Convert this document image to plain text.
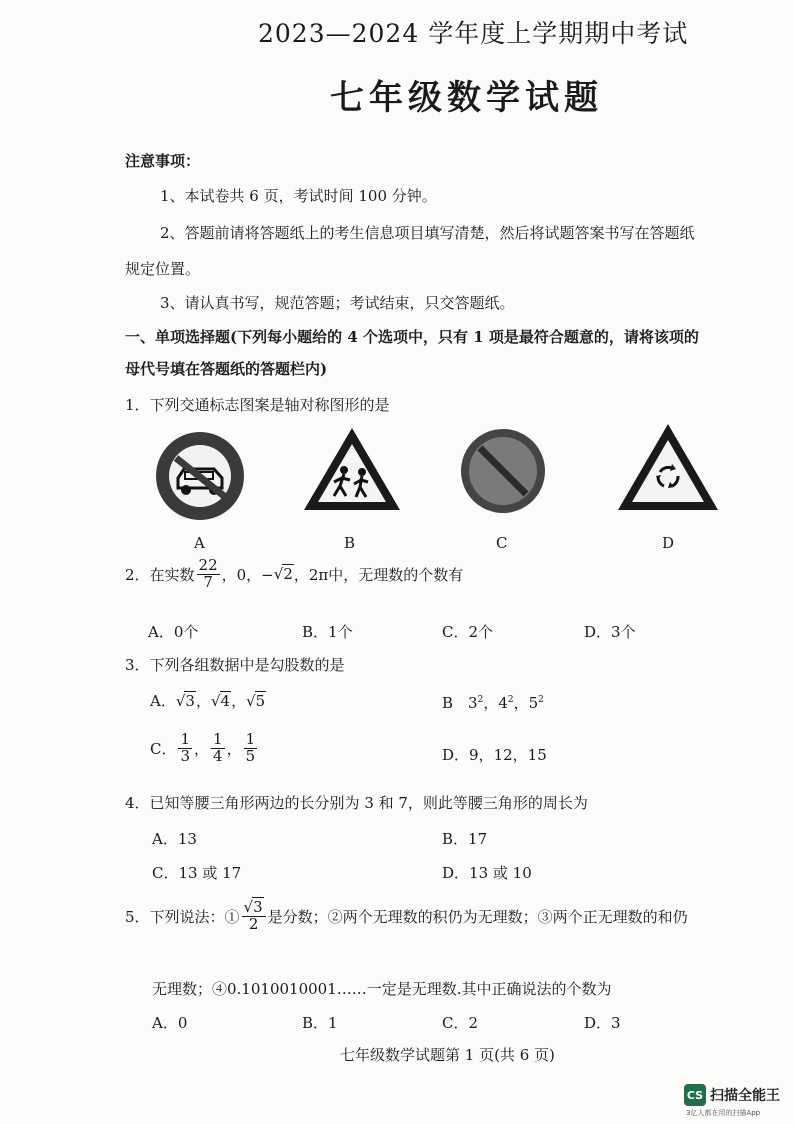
2023—2024 学年度上学期期中考试
七年级数学试题
注意事项：
1、本试卷共 6 页，考试时间 100 分钟。
2、答题前请将答题纸上的考生信息项目填写清楚，然后将试题答案书写在答题纸
规定位置。
3、请认真书写，规范答题；考试结束，只交答题纸。
一、单项选择题(下列每小题给的 4 个选项中，只有 1 项是最符合题意的，请将该项的
母代号填在答题纸的答题栏内)
1．下列交通标志图案是轴对称图形的是
A	B	C	D
2．在实数 $\frac{22}{7}$ ，0，− √2 ，2π中，无理数的个数有
A．0个	B．1个	C．2个	D．3个
3．下列各组数据中是勾股数的是
A．√3，√4，√5	B　$3^2$，$4^2$，$5^2$
C． $\frac{1}{3}$ ， $\frac{1}{4}$ ， $\frac{1}{5}$	D．9，12，15
4．已知等腰三角形两边的长分别为 3 和 7，则此等腰三角形的周长为
A．13	B．17
C．13 或 17	D．13 或 10
5．下列说法：① $\frac{√3}{2}$ 是分数；②两个无理数的积仍为无理数；③两个正无理数的和仍
无理数；④0.1010010001……一定是无理数.其中正确说法的个数为
A．0	B．1	C．2	D．3
七年级数学试题第 1 页(共 6 页)
CS 扫描全能王
3亿人都在用的扫描App
